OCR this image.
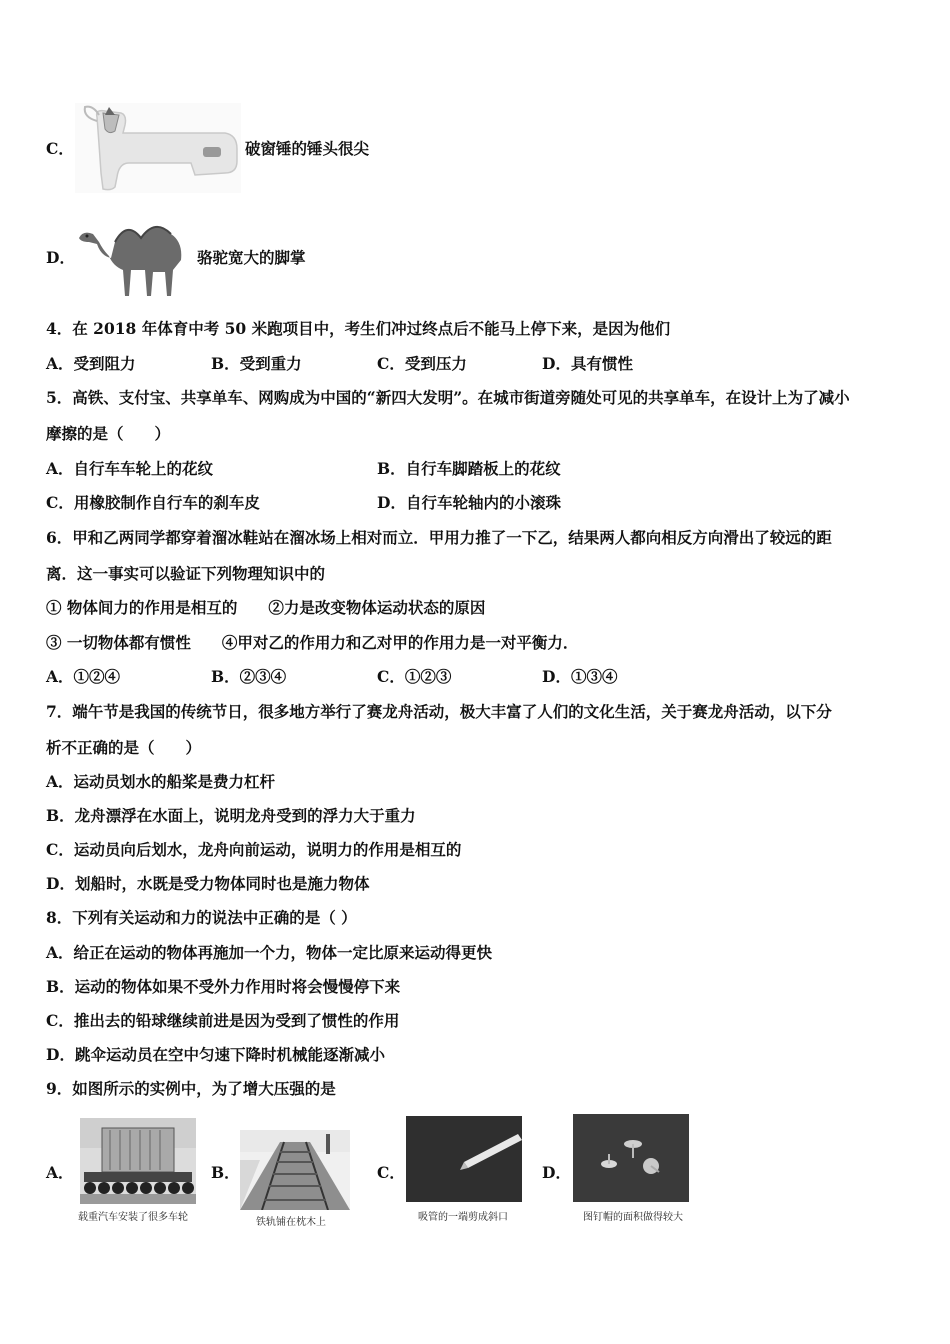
C．	破窗锤的锤头很尖
D．	骆驼宽大的脚掌
4．在 2018 年体育中考 50 米跑项目中，考生们冲过终点后不能马上停下来，是因为他们
A．受到阻力	B．受到重力	C．受到压力	D．具有惯性
5．高铁、支付宝、共享单车、网购成为中国的“新四大发明”。在城市街道旁随处可见的共享单车，在设计上为了减小
摩擦的是（　　）
A．自行车车轮上的花纹	B．自行车脚踏板上的花纹
C．用橡胶制作自行车的刹车皮	D．自行车轮轴内的小滚珠
6．甲和乙两同学都穿着溜冰鞋站在溜冰场上相对而立．甲用力推了一下乙，结果两人都向相反方向滑出了较远的距
离．这一事实可以验证下列物理知识中的
① 物体间力的作用是相互的　　②力是改变物体运动状态的原因
③ 一切物体都有惯性　　④甲对乙的作用力和乙对甲的作用力是一对平衡力．
A．①②④	B．②③④	C．①②③	D．①③④
7．端午节是我国的传统节日，很多地方举行了赛龙舟活动，极大丰富了人们的文化生活，关于赛龙舟活动，以下分
析不正确的是（　　）
A．运动员划水的船桨是费力杠杆
B．龙舟漂浮在水面上，说明龙舟受到的浮力大于重力
C．运动员向后划水，龙舟向前运动，说明力的作用是相互的
D．划船时，水既是受力物体同时也是施力物体
8．下列有关运动和力的说法中正确的是（ ）
A．给正在运动的物体再施加一个力，物体一定比原来运动得更快
B．运动的物体如果不受外力作用时将会慢慢停下来
C．推出去的铅球继续前进是因为受到了惯性的作用
D．跳伞运动员在空中匀速下降时机械能逐渐减小
9．如图所示的实例中，为了增大压强的是
A．
载重汽车安装了很多车轮
B．
铁轨铺在枕木上
C．
吸管的一端剪成斜口
D．
图钉帽的面积做得较大
